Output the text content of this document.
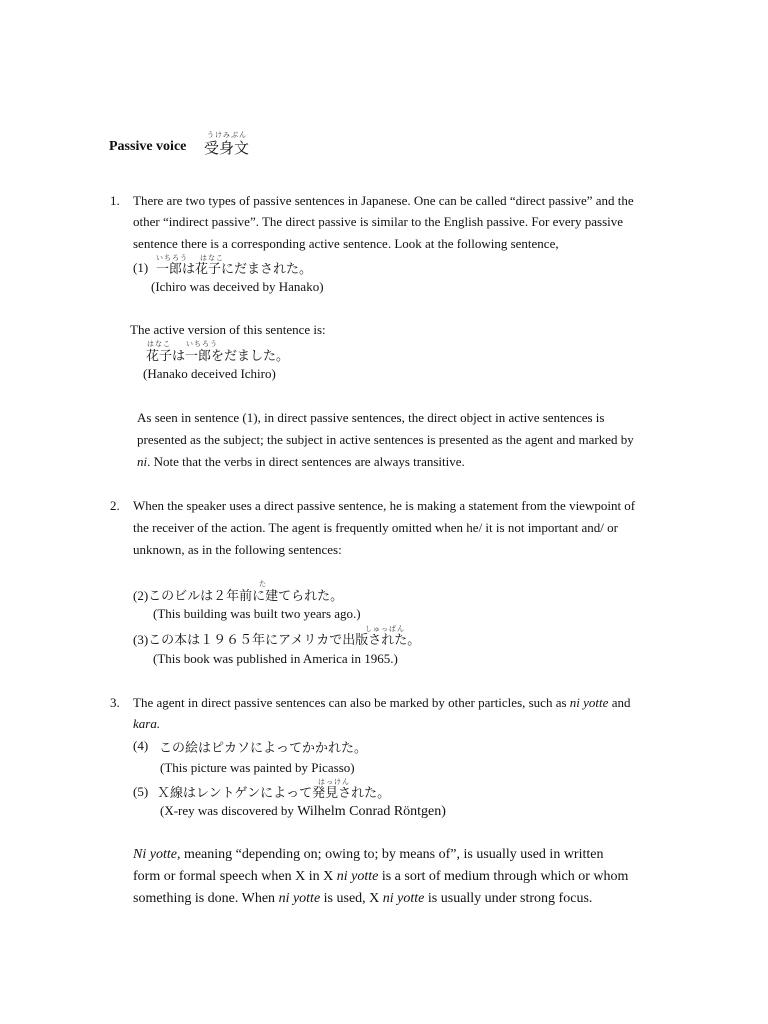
うけみぶん
Passive voice 受身文
1. There are two types of passive sentences in Japanese. One can be called “direct passive” and the
other “indirect passive”. The direct passive is similar to the English passive. For every passive
sentence there is a corresponding active sentence. Look at the following sentence,
いちろう はなこ
(1) 一郎は花子にだまされた。
(Ichiro was deceived by Hanako)
The active version of this sentence is:
はなこ いちろう
花子は一郎をだました。
(Hanako deceived Ichiro)
As seen in sentence (1), in direct passive sentences, the direct object in active sentences is
presented as the subject; the subject in active sentences is presented as the agent and marked by
ni. Note that the verbs in direct sentences are always transitive.
2. When the speaker uses a direct passive sentence, he is making a statement from the viewpoint of
the receiver of the action. The agent is frequently omitted when he/ it is not important and/ or
unknown, as in the following sentences:
た
(2)このビルは２年前に建てられた。
(This building was built two years ago.)
しゅっぱん
(3)この本は１９６５年にアメリカで出版された。
(This book was published in America in 1965.)
3. The agent in direct passive sentences can also be marked by other particles, such as ni yotte and
kara.
(4) この絵はピカソによってかかれた。
(This picture was painted by Picasso)
はっけん
(5) Ｘ線はレントゲンによって発見された。
(X-rey was discovered by Wilhelm Conrad Röntgen)
Ni yotte, meaning “depending on; owing to; by means of”, is usually used in written
form or formal speech when X in X ni yotte is a sort of medium through which or whom
something is done. When ni yotte is used, X ni yotte is usually under strong focus.
